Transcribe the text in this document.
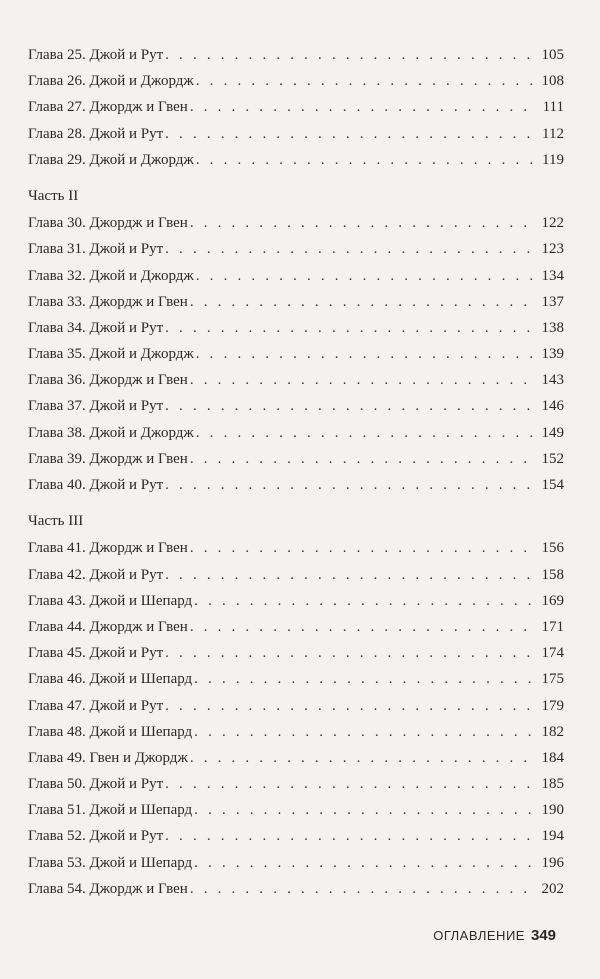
Глава 25. Джой и Рут . . .	105
Глава 26. Джой и Джордж . . .	108
Глава 27. Джордж и Гвен . . .	111
Глава 28. Джой и Рут . . .	112
Глава 29. Джой и Джордж . . .	119
Часть II
Глава 30. Джордж и Гвен . . .	122
Глава 31. Джой и Рут . . .	123
Глава 32. Джой и Джордж . . .	134
Глава 33. Джордж и Гвен . . .	137
Глава 34. Джой и Рут . . .	138
Глава 35. Джой и Джордж . . .	139
Глава 36. Джордж и Гвен . . .	143
Глава 37. Джой и Рут . . .	146
Глава 38. Джой и Джордж . . .	149
Глава 39. Джордж и Гвен . . .	152
Глава 40. Джой и Рут . . .	154
Часть III
Глава 41. Джордж и Гвен . . .	156
Глава 42. Джой и Рут . . .	158
Глава 43. Джой и Шепард . . .	169
Глава 44. Джордж и Гвен . . .	171
Глава 45. Джой и Рут . . .	174
Глава 46. Джой и Шепард . . .	175
Глава 47. Джой и Рут . . .	179
Глава 48. Джой и Шепард . . .	182
Глава 49. Гвен и Джордж . . .	184
Глава 50. Джой и Рут . . .	185
Глава 51. Джой и Шепард . . .	190
Глава 52. Джой и Рут . . .	194
Глава 53. Джой и Шепард . . .	196
Глава 54. Джордж и Гвен . . .	202
ОГЛАВЛЕНИЕ 349
